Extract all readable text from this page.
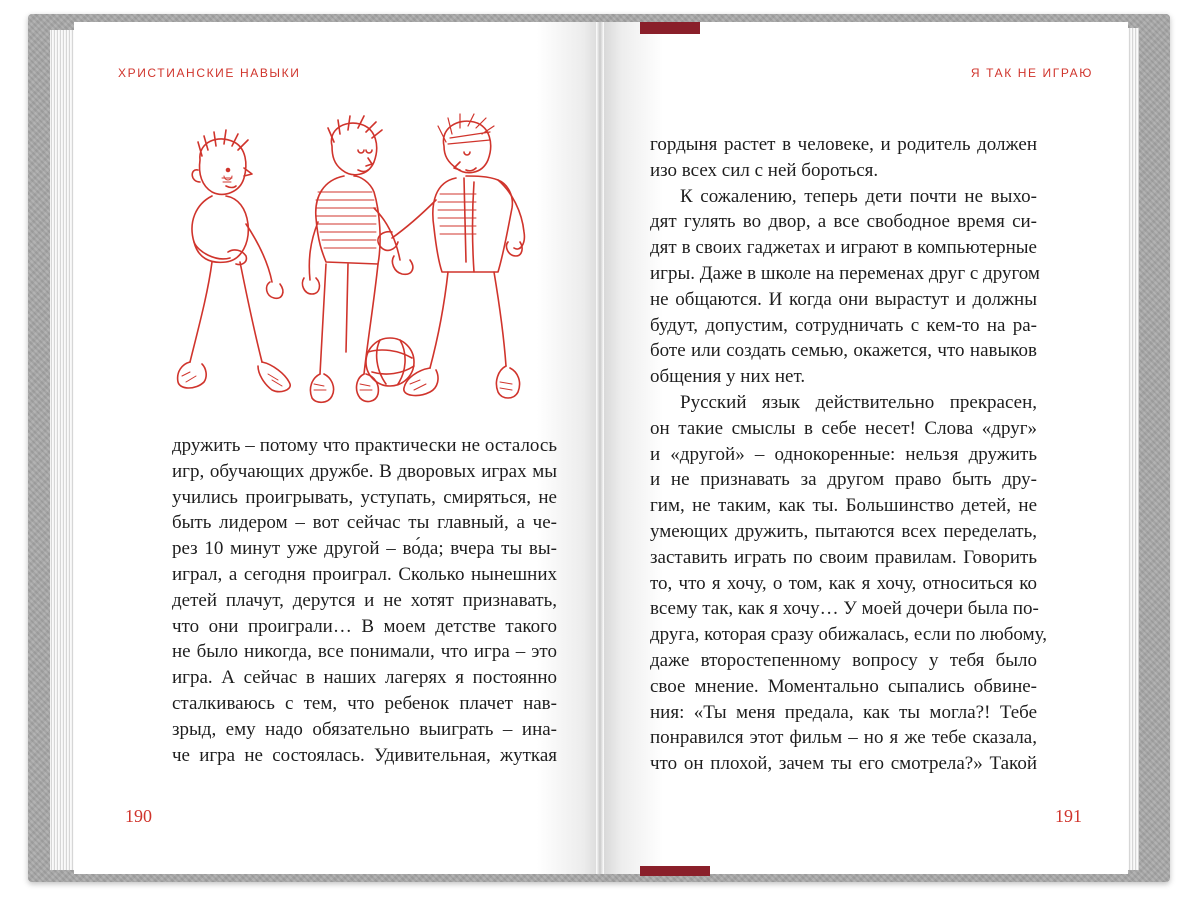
ХРИСТИАНСКИЕ НАВЫКИ	Я ТАК НЕ ИГРАЮ
дружить – потому что практически не осталось
игр, обучающих дружбе. В дворовых играх мы
учились проигрывать, уступать, смиряться, не
быть лидером – вот сейчас ты главный, а че-
рез 10 минут уже другой – во́да; вчера ты вы-
играл, а сегодня проиграл. Сколько нынешних
детей плачут, дерутся и не хотят признавать,
что они проиграли… В моем детстве такого
не было никогда, все понимали, что игра – это
игра. А сейчас в наших лагерях я постоянно
сталкиваюсь с тем, что ребенок плачет нав-
зрыд, ему надо обязательно выиграть – ина-
че игра не состоялась. Удивительная, жуткая
гордыня растет в человеке, и родитель должен
изо всех сил с ней бороться.
К сожалению, теперь дети почти не выхо-
дят гулять во двор, а все свободное время си-
дят в своих гаджетах и играют в компьютерные
игры. Даже в школе на переменах друг с другом
не общаются. И когда они вырастут и должны
будут, допустим, сотрудничать с кем-то на ра-
боте или создать семью, окажется, что навыков
общения у них нет.
Русский язык действительно прекрасен,
он такие смыслы в себе несет! Слова «друг»
и «другой» – однокоренные: нельзя дружить
и не признавать за другом право быть дру-
гим, не таким, как ты. Большинство детей, не
умеющих дружить, пытаются всех переделать,
заставить играть по своим правилам. Говорить
то, что я хочу, о том, как я хочу, относиться ко
всему так, как я хочу… У моей дочери была по-
друга, которая сразу обижалась, если по любому,
даже второстепенному вопросу у тебя было
свое мнение. Моментально сыпались обвине-
ния: «Ты меня предала, как ты могла?! Тебе
понравился этот фильм – но я же тебе сказала,
что он плохой, зачем ты его смотрела?» Такой
190	191
